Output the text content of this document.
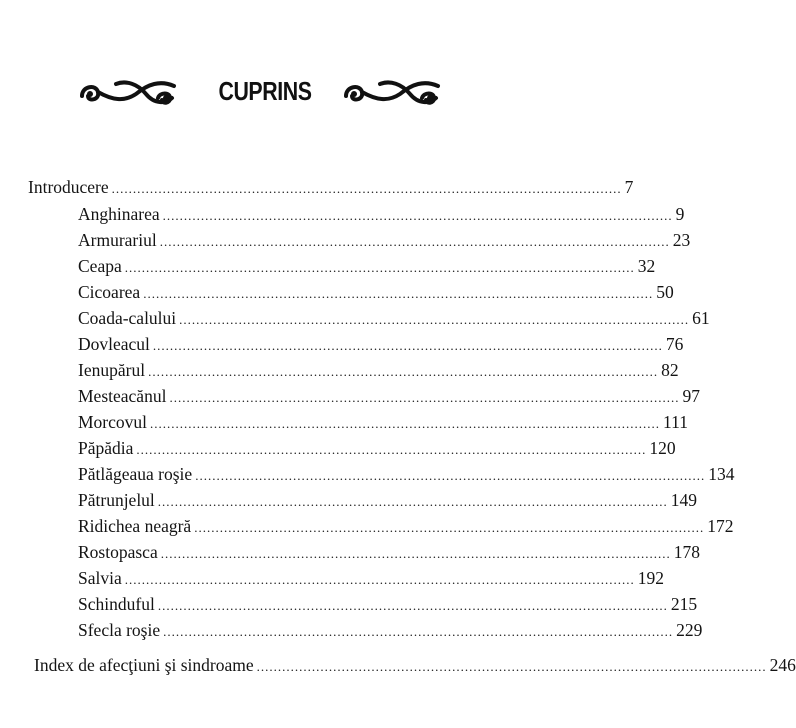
CUPRINS
Introducere ........................................................................................................................ 7
Anghinarea ........................................................................................................................ 9
Armurariul ........................................................................................................................ 23
Ceapa ........................................................................................................................ 32
Cicoarea ........................................................................................................................ 50
Coada-calului ........................................................................................................................ 61
Dovleacul ........................................................................................................................ 76
Ienupărul ........................................................................................................................ 82
Mesteacănul ........................................................................................................................ 97
Morcovul ........................................................................................................................ 111
Păpădia ........................................................................................................................ 120
Pătlăgeaua roşie ........................................................................................................................ 134
Pătrunjelul ........................................................................................................................ 149
Ridichea neagră ........................................................................................................................ 172
Rostopasca ........................................................................................................................ 178
Salvia ........................................................................................................................ 192
Schinduful ........................................................................................................................ 215
Sfecla roşie ........................................................................................................................ 229
Index de afecţiuni şi sindroame ........................................................................................................................ 246
